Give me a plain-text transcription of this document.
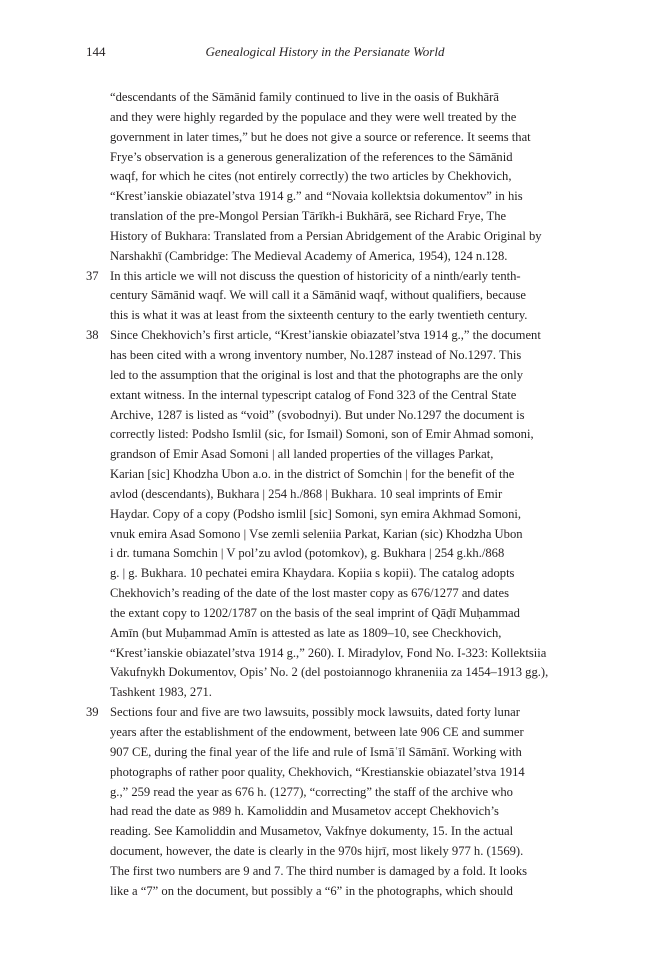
144	Genealogical History in the Persianate World
“descendants of the Sāmānid family continued to live in the oasis of Bukhārā
and they were highly regarded by the populace and they were well treated by the
government in later times,” but he does not give a source or reference. It seems that
Frye’s observation is a generous generalization of the references to the Sāmānid
waqf, for which he cites (not entirely correctly) the two articles by Chekhovich,
“Krest’ianskie obiazatel’stva 1914 g.” and “Novaia kollektsia dokumentov” in his
translation of the pre-Mongol Persian Tārīkh-i Bukhārā, see Richard Frye, The
History of Bukhara: Translated from a Persian Abridgement of the Arabic Original by
Narshakhī (Cambridge: The Medieval Academy of America, 1954), 124 n.128.
37 In this article we will not discuss the question of historicity of a ninth/early tenth-
century Sāmānid waqf. We will call it a Sāmānid waqf, without qualifiers, because
this is what it was at least from the sixteenth century to the early twentieth century.
38 Since Chekhovich’s first article, “Krest’ianskie obiazatel’stva 1914 g.,” the document
has been cited with a wrong inventory number, No.1287 instead of No.1297. This
led to the assumption that the original is lost and that the photographs are the only
extant witness. In the internal typescript catalog of Fond 323 of the Central State
Archive, 1287 is listed as “void” (svobodnyi). But under No.1297 the document is
correctly listed: Podsho Ismlil (sic, for Ismail) Somoni, son of Emir Ahmad somoni,
grandson of Emir Asad Somoni | all landed properties of the villages Parkat,
Karian [sic] Khodzha Ubon a.o. in the district of Somchin | for the benefit of the
avlod (descendants), Bukhara | 254 h./868 | Bukhara. 10 seal imprints of Emir
Haydar. Copy of a copy (Podsho ismlil [sic] Somoni, syn emira Akhmad Somoni,
vnuk emira Asad Somono | Vse zemli seleniia Parkat, Karian (sic) Khodzha Ubon
i dr. tumana Somchin | V pol’zu avlod (potomkov), g. Bukhara | 254 g.kh./868
g. | g. Bukhara. 10 pechatei emira Khaydara. Kopiia s kopii). The catalog adopts
Chekhovich’s reading of the date of the lost master copy as 676/1277 and dates
the extant copy to 1202/1787 on the basis of the seal imprint of Qāḍī Muḥammad
Amīn (but Muḥammad Amīn is attested as late as 1809–10, see Checkhovich,
“Krest’ianskie obiazatel’stva 1914 g.,” 260). I. Miradylov, Fond No. I-323: Kollektsiia
Vakufnykh Dokumentov, Opis’ No. 2 (del postoiannogo khraneniia za 1454–1913 gg.),
Tashkent 1983, 271.
39 Sections four and five are two lawsuits, possibly mock lawsuits, dated forty lunar
years after the establishment of the endowment, between late 906 CE and summer
907 CE, during the final year of the life and rule of Ismāʿīl Sāmānī. Working with
photographs of rather poor quality, Chekhovich, “Krestianskie obiazatel’stva 1914
g.,” 259 read the year as 676 h. (1277), “correcting” the staff of the archive who
had read the date as 989 h. Kamoliddin and Musametov accept Chekhovich’s
reading. See Kamoliddin and Musametov, Vakfnye dokumenty, 15. In the actual
document, however, the date is clearly in the 970s hijrī, most likely 977 h. (1569).
The first two numbers are 9 and 7. The third number is damaged by a fold. It looks
like a “7” on the document, but possibly a “6” in the photographs, which should
